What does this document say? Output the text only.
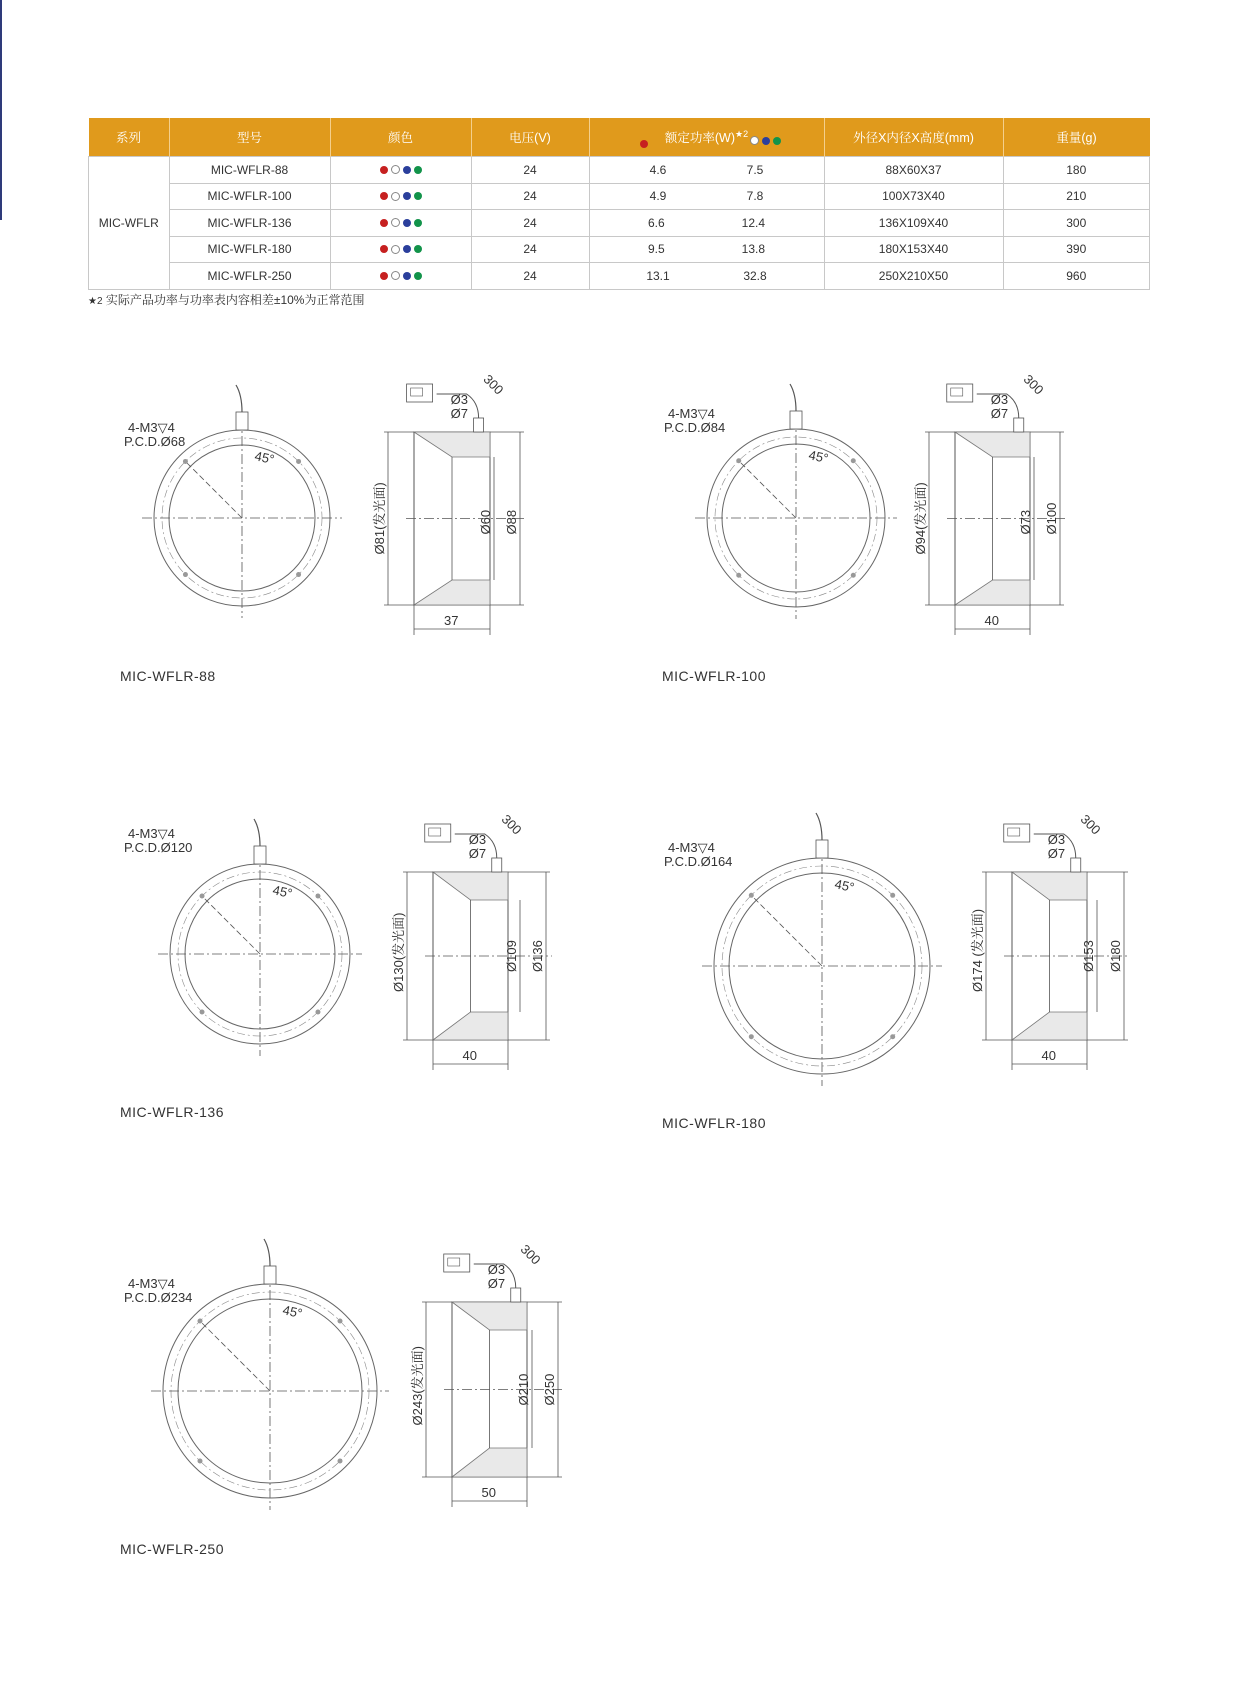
系列	型号	颜色	电压(V)	额定功率$(W)^{★2}$	外径X内径X高度(mm)	重量(g)
MIC-WFLR	MIC-WFLR-88		24	4.6 7.5	88X60X37	180
	MIC-WFLR-100		24	4.9 7.8	100X73X40	210
	MIC-WFLR-136		24	6.6 12.4	136X109X40	300
	MIC-WFLR-180		24	9.5 13.8	180X153X40	390
	MIC-WFLR-250		24	13.1 32.8	250X210X50	960
★2 实际产品功率与功率表内容相差±10%为正常范围
4-M3▽4
P.C.D.Ø68
45°
Ø81(发光面)	Ø60 Ø88
37
300
Ø3
Ø7	4-M3▽4
P.C.D.Ø84
45°
Ø94(发光面)	Ø73 Ø100
40
300
Ø3
Ø7
4-M3▽4
P.C.D.Ø120
45°
Ø130(发光面)	Ø109 Ø136
40
300
Ø3
Ø7	4-M3▽4
P.C.D.Ø164
45°
Ø174 (发光面)	Ø153 Ø180
40
300
Ø3
Ø7
4-M3▽4
P.C.D.Ø234
45°
Ø243(发光面)	Ø210 Ø250
50
300
Ø3
Ø7
MIC-WFLR-88	MIC-WFLR-100
MIC-WFLR-136
MIC-WFLR-180
MIC-WFLR-250
